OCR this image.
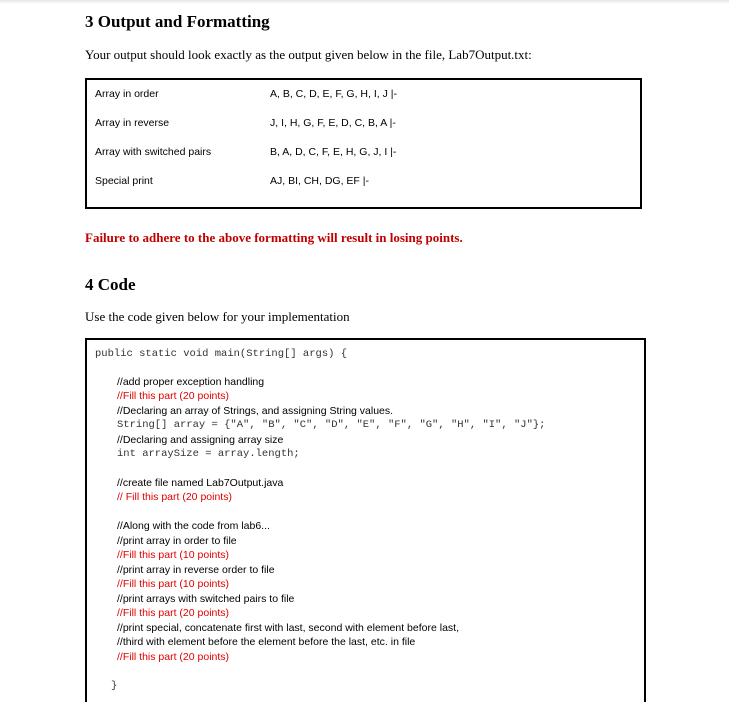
3 Output and Formatting
Your output should look exactly as the output given below in the file, Lab7Output.txt:
Array in order	A, B, C, D, E, F, G, H, I, J |-
Array in reverse	J, I, H, G, F, E, D, C, B, A |-
Array with switched pairs	B, A, D, C, F, E, H, G, J, I |-
Special print	AJ, BI, CH, DG, EF |-
Failure to adhere to the above formatting will result in losing points.
4 Code
Use the code given below for your implementation
public static void main(String[] args) {
//add proper exception handling
//Fill this part (20 points)
//Declaring an array of Strings, and assigning String values.
String[] array = {"A", "B", "C", "D", "E", "F", "G", "H", "I", "J"};
//Declaring and assigning array size
int arraySize = array.length;
//create file named Lab7Output.java
// Fill this part (20 points)
//Along with the code from lab6...
//print array in order to file
//Fill this part (10 points)
//print array in reverse order to file
//Fill this part (10 points)
//print arrays with switched pairs to file
//Fill this part (20 points)
//print special, concatenate first with last, second with element before last,
//third with element before the element before the last, etc. in file
//Fill this part (20 points)
}
